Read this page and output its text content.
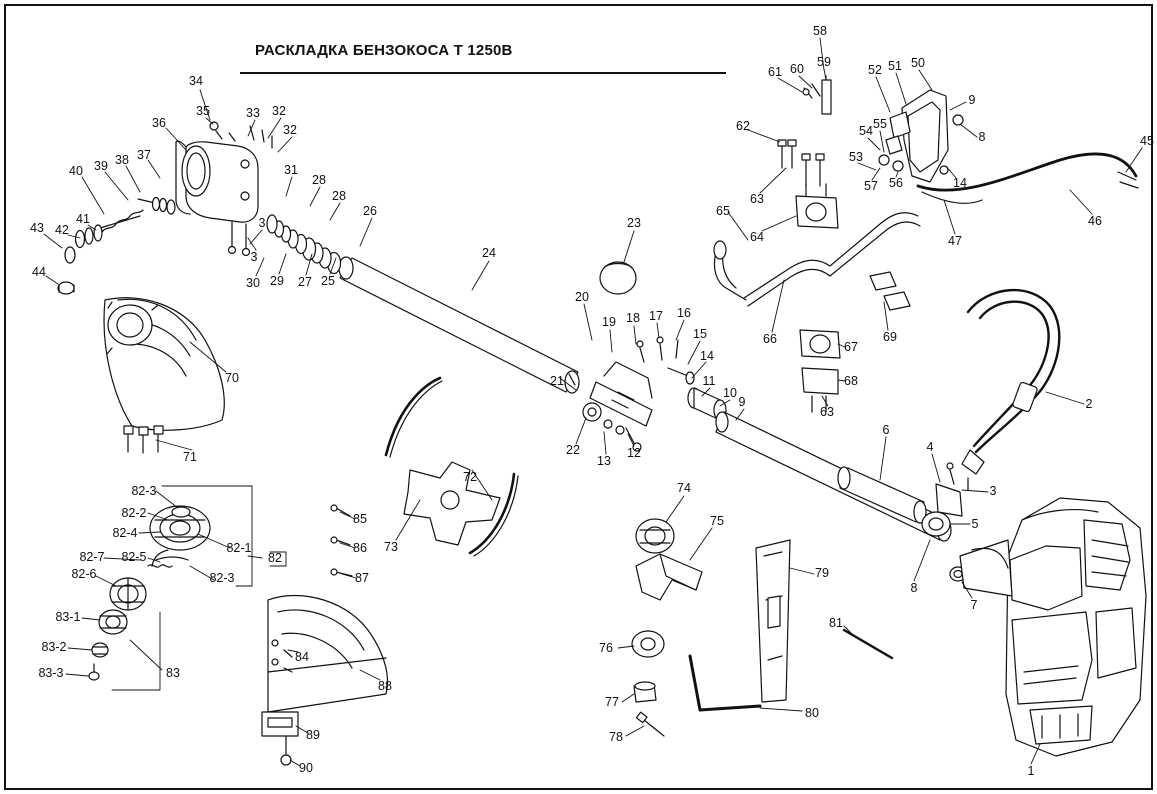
РАСКЛАДКА БЕНЗОКОСА T 1250B
34
35
36
33 32
32
31
28
28
26
37
38
39
40
41
42
43
44
3
3
30 29 27 25
24
23
20
19 18 17 16
15
14
21
22
13
12
11
10
9
6
4
3
5
8
7
2
1
58
59
60
61	52 51 50
9
8
55
54
53
57 56	14
62
63
64
65
66
67
68
63
69
47
46
45
70
71
72
73
85
86
87
84
88
89
90
82-3
82-2
82-4
82-7 82-5
82-1
82-6	82-3
82
83-1
83-2
83-3	83
74
75
76
77
78
79
80
81
